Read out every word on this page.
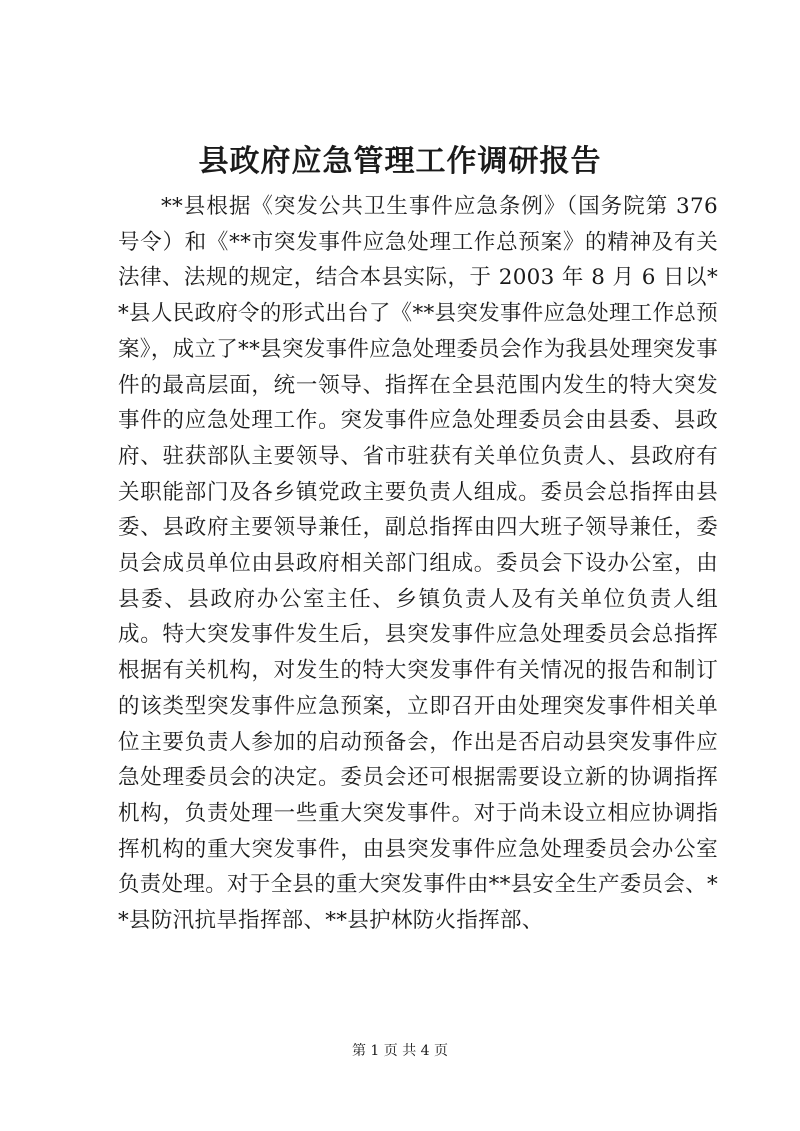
县政府应急管理工作调研报告

**县根据《突发公共卫生事件应急条例》（国务院第 376 号令）和《**市突发事件应急处理工作总预案》的精神及有关法律、法规的规定，结合本县实际，于 2003 年 8 月 6 日以**县人民政府令的形式出台了《**县突发事件应急处理工作总预案》，成立了**县突发事件应急处理委员会作为我县处理突发事件的最高层面，统一领导、指挥在全县范围内发生的特大突发事件的应急处理工作。突发事件应急处理委员会由县委、县政府、驻获部队主要领导、省市驻获有关单位负责人、县政府有关职能部门及各乡镇党政主要负责人组成。委员会总指挥由县委、县政府主要领导兼任，副总指挥由四大班子领导兼任，委员会成员单位由县政府相关部门组成。委员会下设办公室，由县委、县政府办公室主任、乡镇负责人及有关单位负责人组成。特大突发事件发生后，县突发事件应急处理委员会总指挥根据有关机构，对发生的特大突发事件有关情况的报告和制订的该类型突发事件应急预案，立即召开由处理突发事件相关单位主要负责人参加的启动预备会，作出是否启动县突发事件应急处理委员会的决定。委员会还可根据需要设立新的协调指挥机构，负责处理一些重大突发事件。对于尚未设立相应协调指挥机构的重大突发事件，由县突发事件应急处理委员会办公室负责处理。对于全县的重大突发事件由**县安全生产委员会、**县防汛抗旱指挥部、**县护林防火指挥部、

第 1 页 共 4 页
